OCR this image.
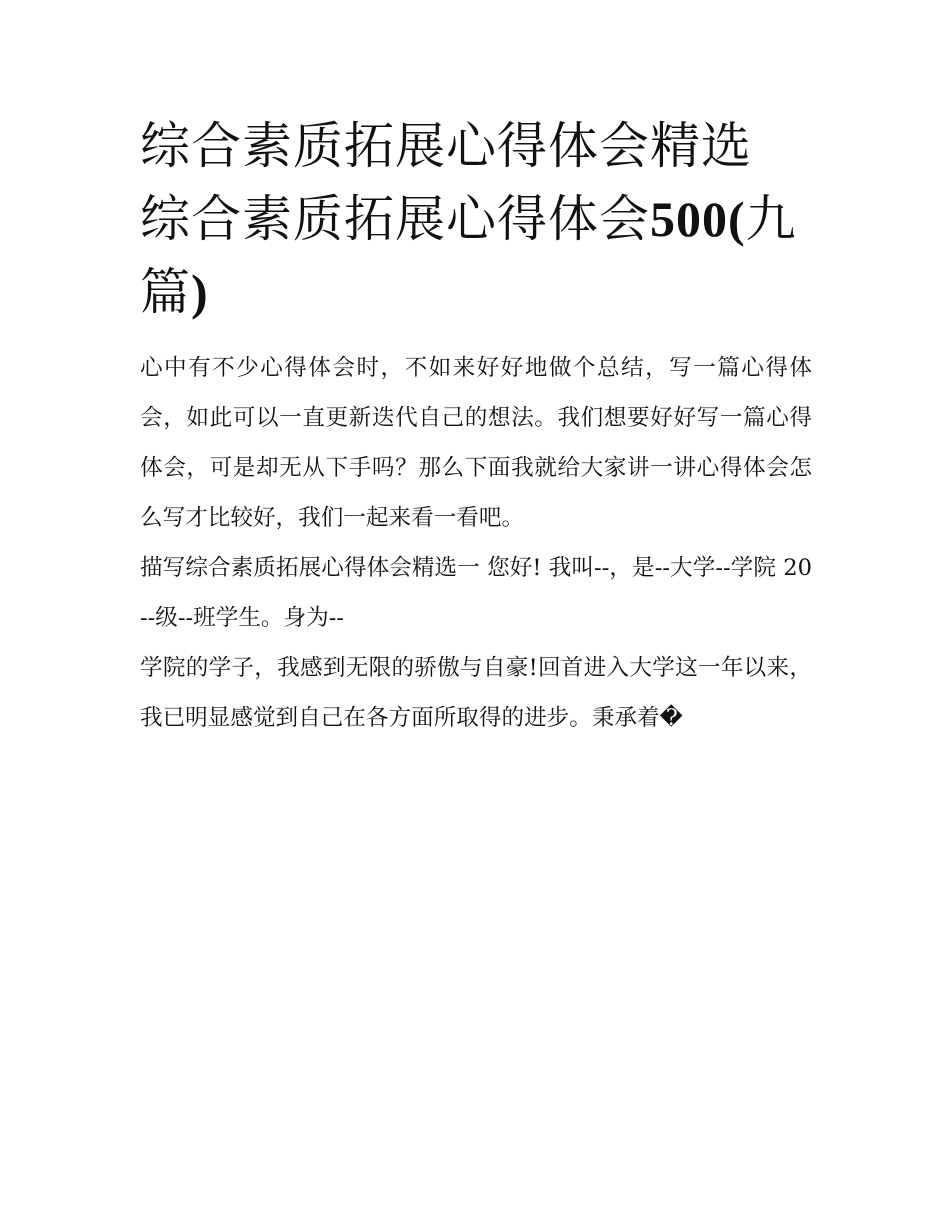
综合素质拓展心得体会精选 综合素质拓展心得体会500(九篇)

心中有不少心得体会时，不如来好好地做个总结，写一篇心得体会，如此可以一直更新迭代自己的想法。我们想要好好写一篇心得体会，可是却无从下手吗？那么下面我就给大家讲一讲心得体会怎么写才比较好，我们一起来看一看吧。

描写综合素质拓展心得体会精选一 您好! 我叫--，是--大学--学院 20--级--班学生。身为--

学院的学子，我感到无限的骄傲与自豪!回首进入大学这一年以来，我已明显感觉到自己在各方面所取得的进步。秉承着�
